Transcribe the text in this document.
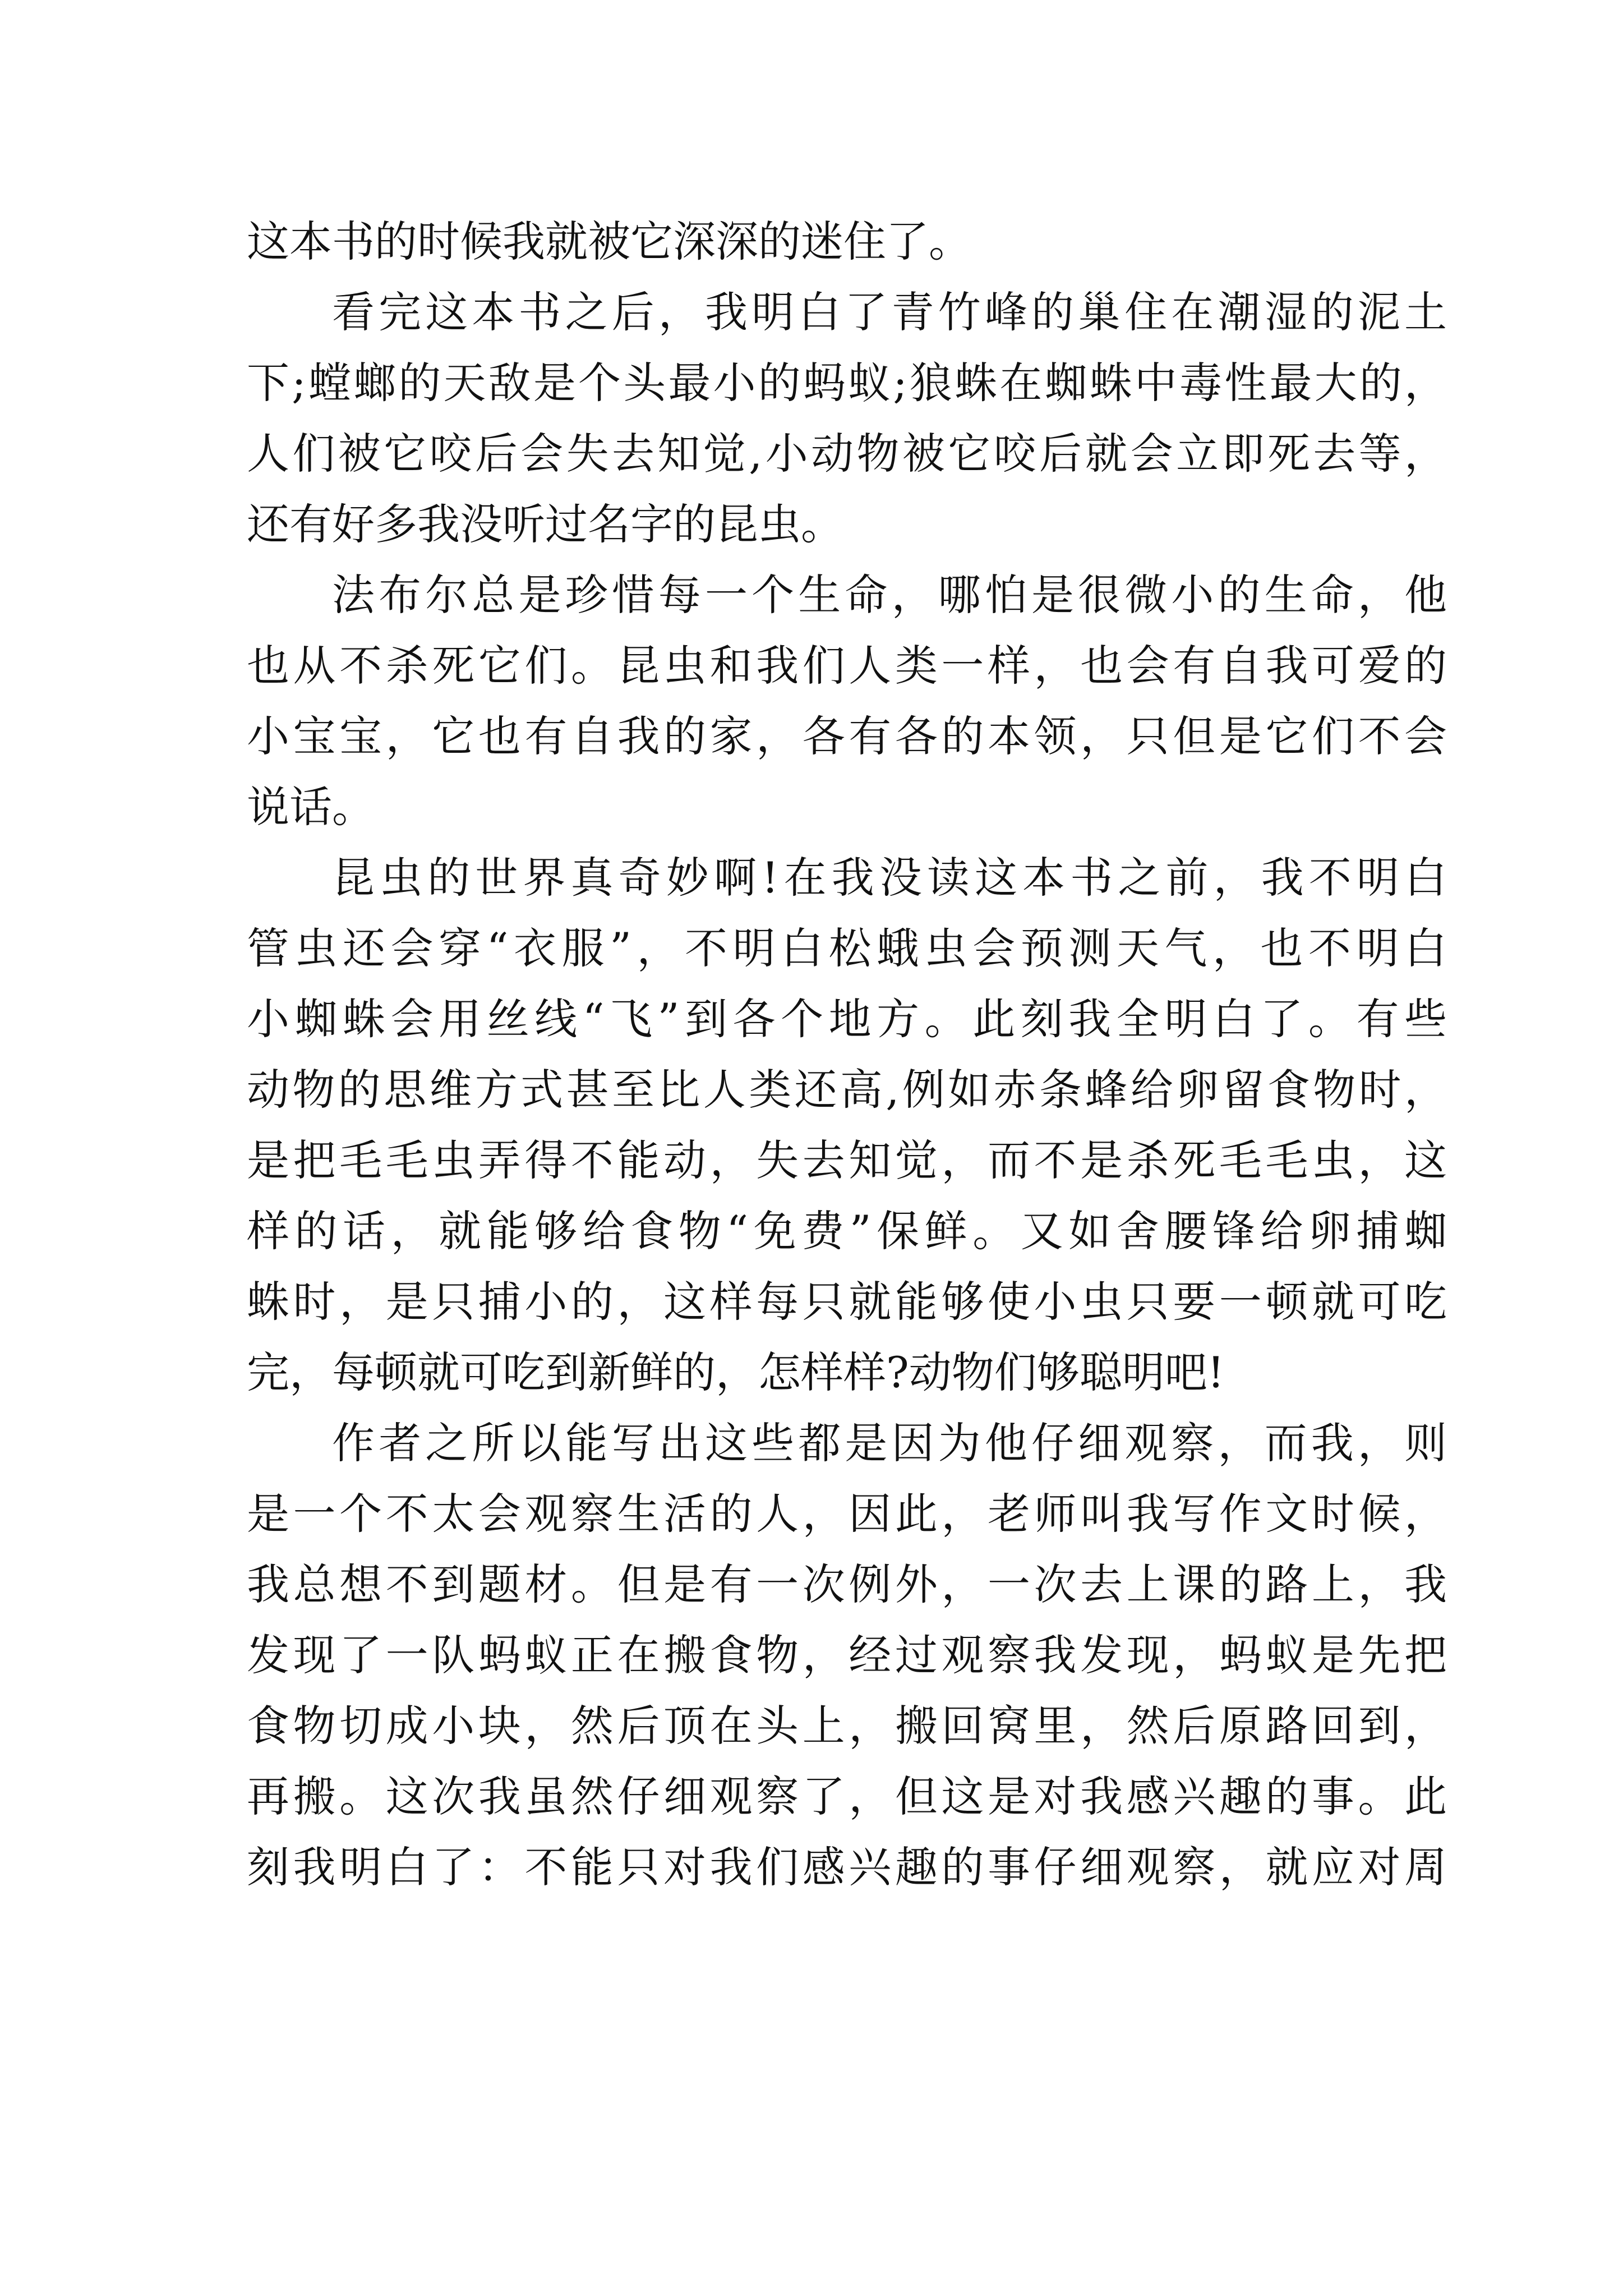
这本书的时候我就被它深深的迷住了。
看完这本书之后，我明白了青竹峰的巢住在潮湿的泥土
下;螳螂的天敌是个头最小的蚂蚁;狼蛛在蜘蛛中毒性最大的，
人们被它咬后会失去知觉,小动物被它咬后就会立即死去等，
还有好多我没听过名字的昆虫。
法布尔总是珍惜每一个生命，哪怕是很微小的生命，他
也从不杀死它们。昆虫和我们人类一样，也会有自我可爱的
小宝宝，它也有自我的家，各有各的本领，只但是它们不会
说话。
昆虫的世界真奇妙啊!在我没读这本书之前，我不明白
管虫还会穿“衣服”，不明白松蛾虫会预测天气，也不明白
小蜘蛛会用丝线“飞”到各个地方。此刻我全明白了。有些
动物的思维方式甚至比人类还高,例如赤条蜂给卵留食物时，
是把毛毛虫弄得不能动，失去知觉，而不是杀死毛毛虫，这
样的话，就能够给食物“免费”保鲜。又如舍腰锋给卵捕蜘
蛛时，是只捕小的，这样每只就能够使小虫只要一顿就可吃
完，每顿就可吃到新鲜的，怎样样?动物们够聪明吧!
作者之所以能写出这些都是因为他仔细观察，而我，则
是一个不太会观察生活的人，因此，老师叫我写作文时候，
我总想不到题材。但是有一次例外，一次去上课的路上，我
发现了一队蚂蚁正在搬食物，经过观察我发现，蚂蚁是先把
食物切成小块，然后顶在头上，搬回窝里，然后原路回到，
再搬。这次我虽然仔细观察了，但这是对我感兴趣的事。此
刻我明白了：不能只对我们感兴趣的事仔细观察，就应对周
